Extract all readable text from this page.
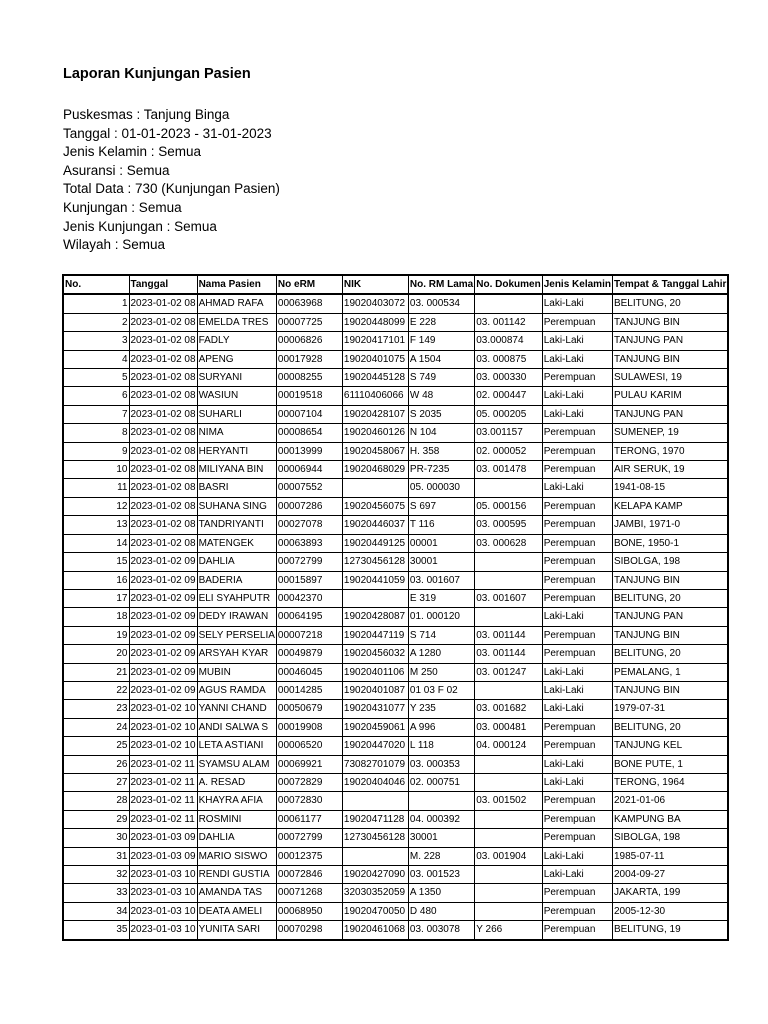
Laporan Kunjungan Pasien
Puskesmas : Tanjung Binga
Tanggal : 01-01-2023 - 31-01-2023
Jenis Kelamin : Semua
Asuransi : Semua
Total Data : 730 (Kunjungan Pasien)
Kunjungan : Semua
Jenis Kunjungan : Semua
Wilayah : Semua
No.	Tanggal	Nama Pasien	No eRM	NIK	No. RM Lama	No. Dokumen	Jenis Kelamin	Tempat & Tanggal Lahir
1	2023-01-02 08	AHMAD RAFA	00063968	19020403072	03. 000534		Laki-Laki	BELITUNG, 20
2	2023-01-02 08	EMELDA TRES	00007725	19020448099	E 228	03. 001142	Perempuan	TANJUNG BIN
3	2023-01-02 08	FADLY	00006826	19020417101	F 149	03.000874	Laki-Laki	TANJUNG PAN
4	2023-01-02 08	APENG	00017928	19020401075	A 1504	03. 000875	Laki-Laki	TANJUNG BIN
5	2023-01-02 08	SURYANI	00008255	19020445128	S 749	03. 000330	Perempuan	SULAWESI, 19
6	2023-01-02 08	WASIUN	00019518	61110406066	W 48	02. 000447	Laki-Laki	PULAU KARIM
7	2023-01-02 08	SUHARLI	00007104	19020428107	S 2035	05. 000205	Laki-Laki	TANJUNG PAN
8	2023-01-02 08	NIMA	00008654	19020460126	N 104	03.001157	Perempuan	SUMENEP, 19
9	2023-01-02 08	HERYANTI	00013999	19020458067	H. 358	02. 000052	Perempuan	TERONG, 1970
10	2023-01-02 08	MILIYANA BIN	00006944	19020468029	PR-7235	03. 001478	Perempuan	AIR SERUK, 19
11	2023-01-02 08	BASRI	00007552		05. 000030		Laki-Laki	1941-08-15
12	2023-01-02 08	SUHANA SING	00007286	19020456075	S 697	05. 000156	Perempuan	KELAPA KAMP
13	2023-01-02 08	TANDRIYANTI	00027078	19020446037	T 116	03. 000595	Perempuan	JAMBI, 1971-0
14	2023-01-02 08	MATENGEK	00063893	19020449125	00001	03. 000628	Perempuan	BONE, 1950-1
15	2023-01-02 09	DAHLIA	00072799	12730456128	30001		Perempuan	SIBOLGA, 198
16	2023-01-02 09	BADERIA	00015897	19020441059	03. 001607		Perempuan	TANJUNG BIN
17	2023-01-02 09	ELI SYAHPUTR	00042370		E 319	03. 001607	Perempuan	BELITUNG, 20
18	2023-01-02 09	DEDY IRAWAN	00064195	19020428087	01. 000120		Laki-Laki	TANJUNG PAN
19	2023-01-02 09	SELY PERSELIA	00007218	19020447119	S 714	03. 001144	Perempuan	TANJUNG BIN
20	2023-01-02 09	ARSYAH KYAR	00049879	19020456032	A 1280	03. 001144	Perempuan	BELITUNG, 20
21	2023-01-02 09	MUBIN	00046045	19020401106	M 250	03. 001247	Laki-Laki	PEMALANG, 1
22	2023-01-02 09	AGUS RAMDA	00014285	19020401087	01 03 F 02		Laki-Laki	TANJUNG BIN
23	2023-01-02 10	YANNI CHAND	00050679	19020431077	Y 235	03. 001682	Laki-Laki	1979-07-31
24	2023-01-02 10	ANDI SALWA S	00019908	19020459061	A 996	03. 000481	Perempuan	BELITUNG, 20
25	2023-01-02 10	LETA ASTIANI	00006520	19020447020	L 118	04. 000124	Perempuan	TANJUNG KEL
26	2023-01-02 11	SYAMSU ALAM	00069921	73082701079	03. 000353		Laki-Laki	BONE PUTE, 1
27	2023-01-02 11	A. RESAD	00072829	19020404046	02. 000751		Laki-Laki	TERONG, 1964
28	2023-01-02 11	KHAYRA AFIA	00072830			03. 001502	Perempuan	2021-01-06
29	2023-01-02 11	ROSMINI	00061177	19020471128	04. 000392		Perempuan	KAMPUNG BA
30	2023-01-03 09	DAHLIA	00072799	12730456128	30001		Perempuan	SIBOLGA, 198
31	2023-01-03 09	MARIO SISWO	00012375		M. 228	03. 001904	Laki-Laki	1985-07-11
32	2023-01-03 10	RENDI GUSTIA	00072846	19020427090	03. 001523		Laki-Laki	2004-09-27
33	2023-01-03 10	AMANDA TAS	00071268	32030352059	A 1350		Perempuan	JAKARTA, 199
34	2023-01-03 10	DEATA AMELI	00068950	19020470050	D 480		Perempuan	2005-12-30
35	2023-01-03 10	YUNITA SARI	00070298	19020461068	03. 003078	Y 266	Perempuan	BELITUNG, 19
